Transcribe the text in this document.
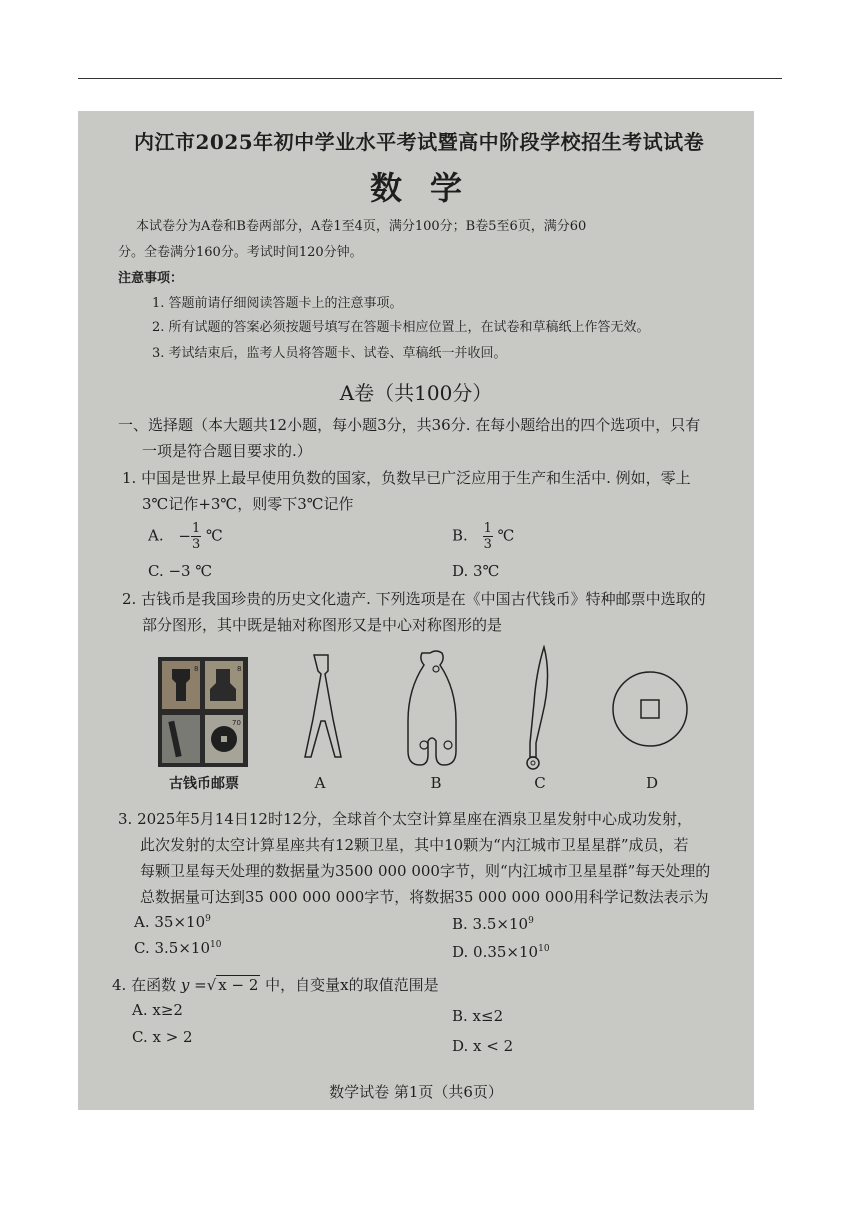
内江市2025年初中学业水平考试暨高中阶段学校招生考试试卷
数学
本试卷分为A卷和B卷两部分，A卷1至4页，满分100分；B卷5至6页，满分60
分。全卷满分160分。考试时间120分钟。
注意事项：
1. 答题前请仔细阅读答题卡上的注意事项。
2. 所有试题的答案必须按题号填写在答题卡相应位置上，在试卷和草稿纸上作答无效。
3. 考试结束后，监考人员将答题卡、试卷、草稿纸一并收回。
A卷（共100分）
一、选择题（本大题共12小题，每小题3分，共36分. 在每小题给出的四个选项中，只有
一项是符合题目要求的.）
1. 中国是世界上最早使用负数的国家，负数早已广泛应用于生产和生活中. 例如，零上
3℃记作+3℃，则零下3℃记作
A. − $\frac{1}{3}$ ℃	B. $\frac{1}{3}$ ℃
C. −3 ℃	D. 3℃
2. 古钱币是我国珍贵的历史文化遗产. 下列选项是在《中国古代钱币》特种邮票中选取的
部分图形，其中既是轴对称图形又是中心对称图形的是
8	8
70
古钱币邮票	A	B	C	D
3. 2025年5月14日12时12分，全球首个太空计算星座在酒泉卫星发射中心成功发射，
此次发射的太空计算星座共有12颗卫星，其中10颗为“内江城市卫星星群”成员，若
每颗卫星每天处理的数据量为3500 000 000字节，则“内江城市卫星星群”每天处理的
总数据量可达到35 000 000 000字节，将数据35 000 000 000用科学记数法表示为
A. $35\times 10^9$	B. $3.5\times 10^9$
C. $3.5\times 10^{10}$	D. $0.35\times 10^{10}$
4. 在函数 y =√ x − 2 中，自变量x的取值范围是
A. x≥2	B. x≤2
C. x > 2	D. x < 2
数学试卷 第1页（共6页）
